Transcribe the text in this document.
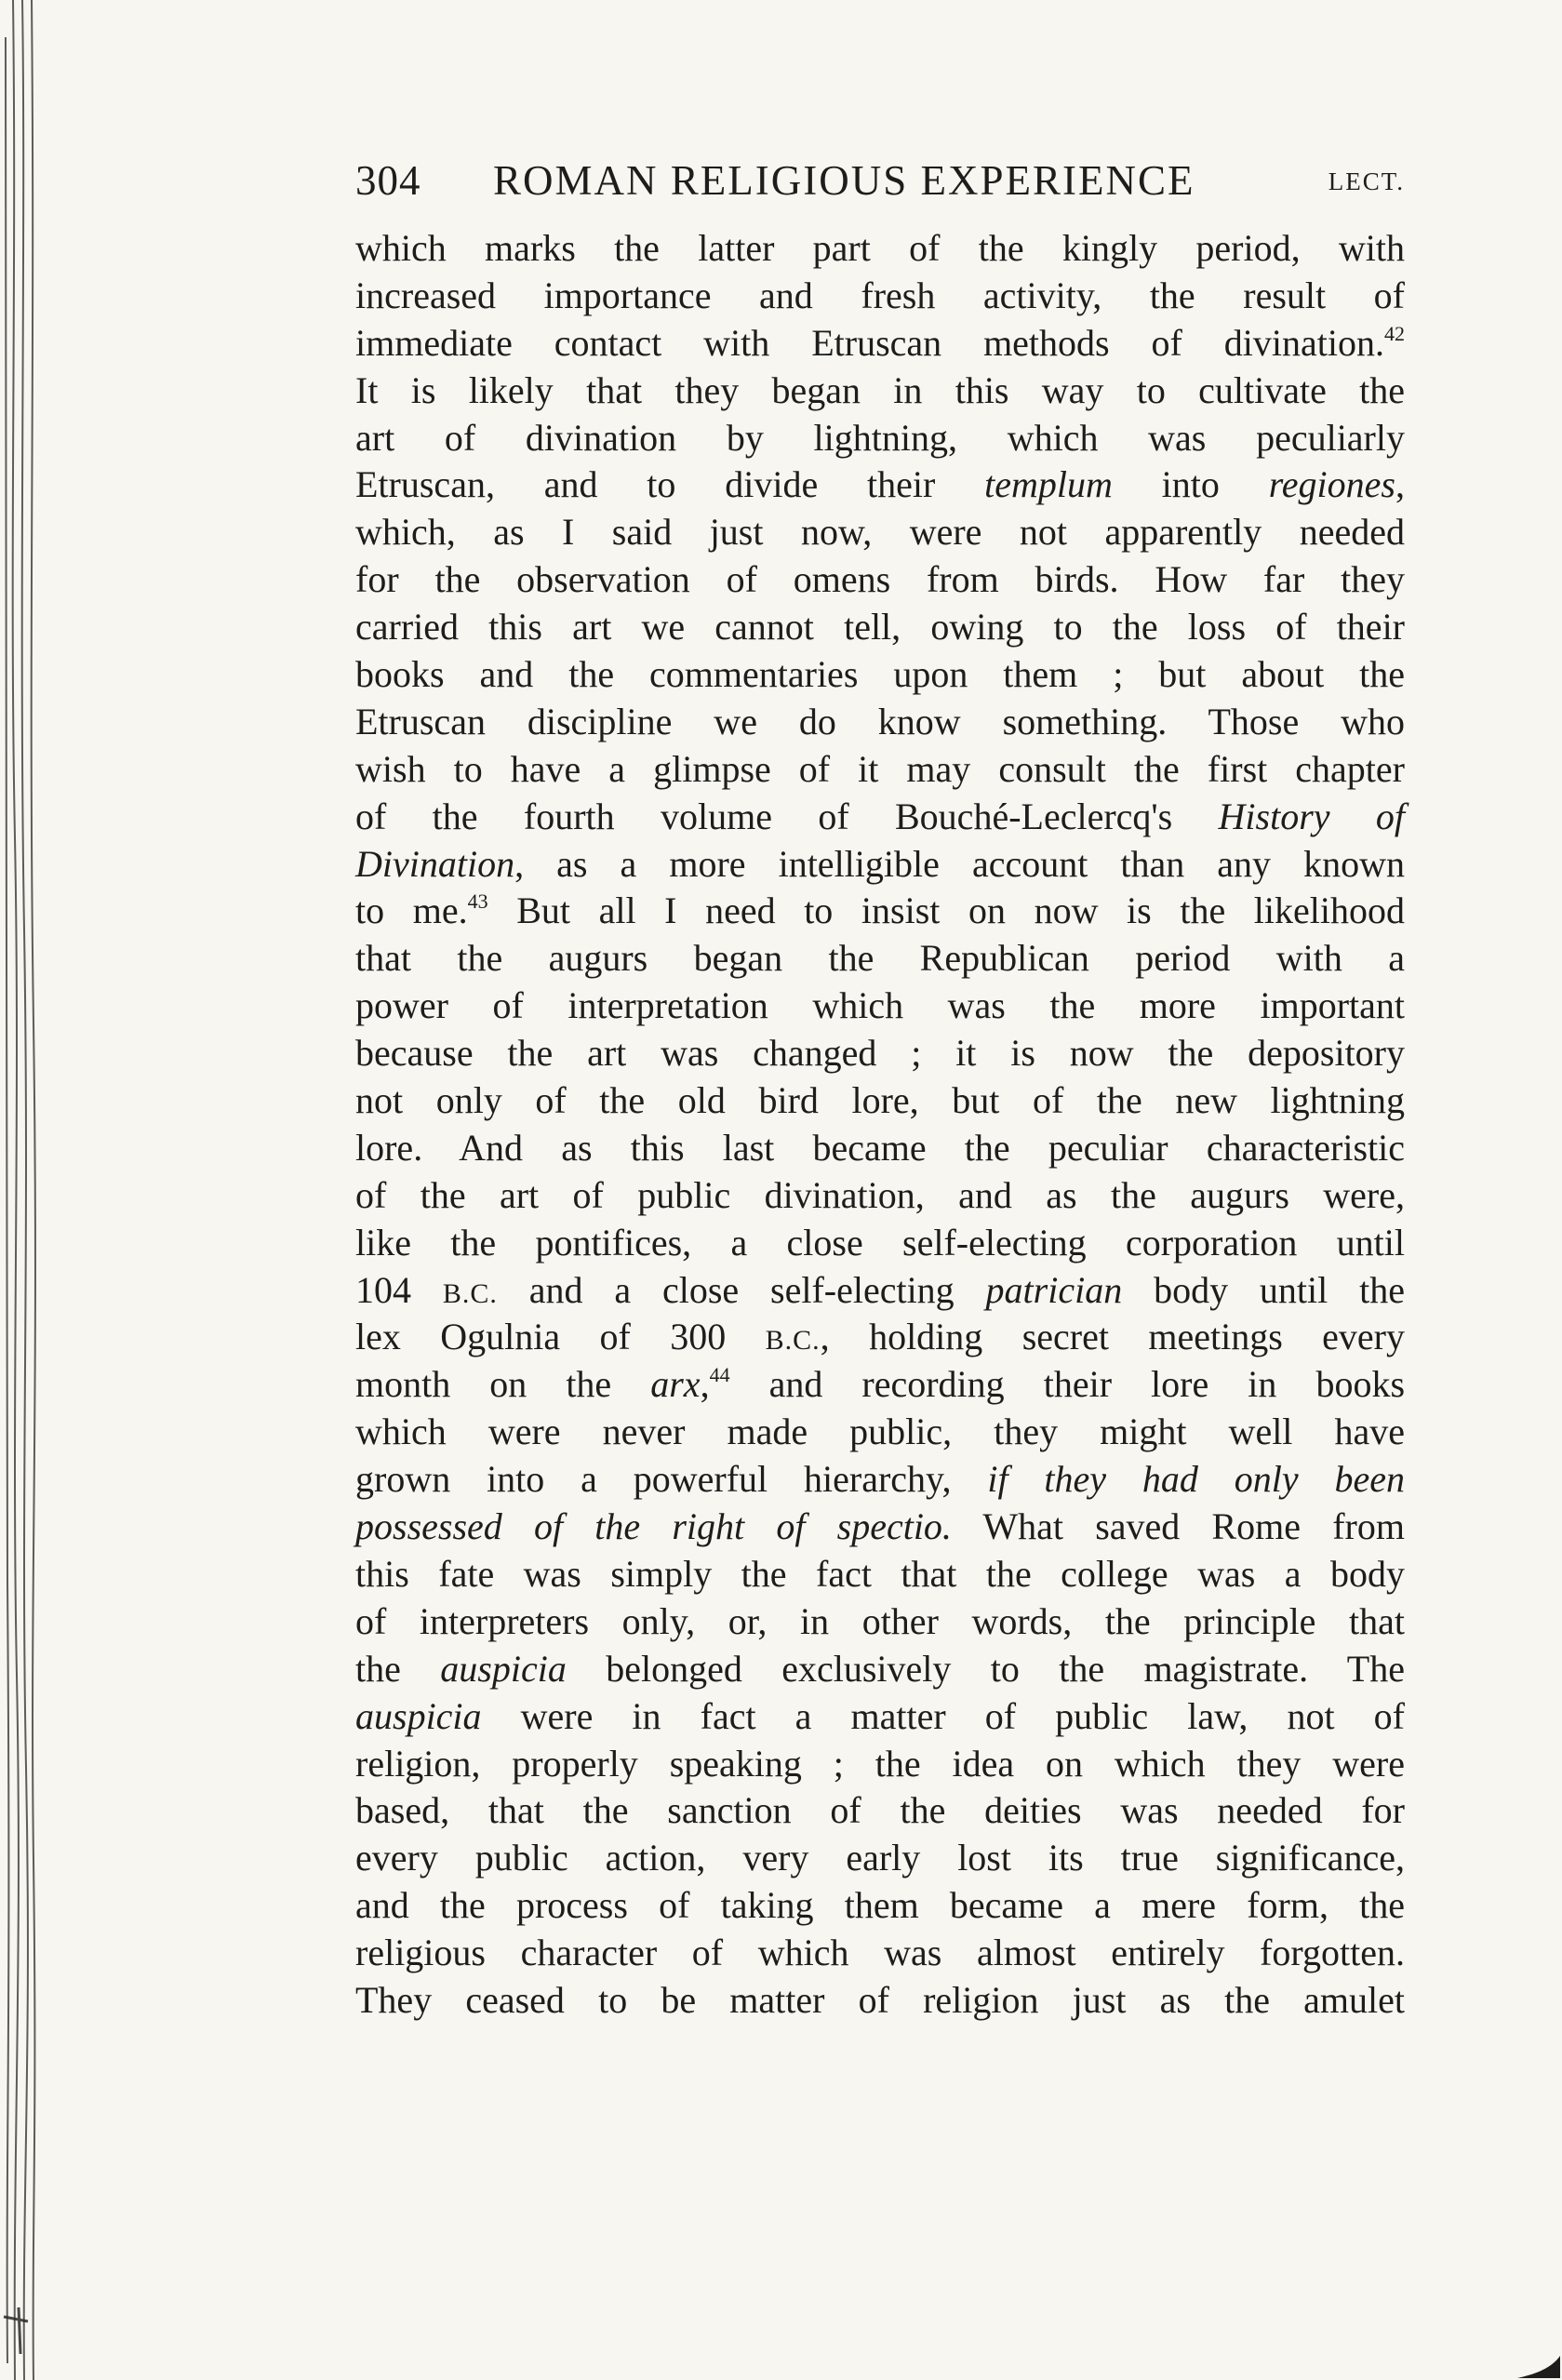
304 ROMAN RELIGIOUS EXPERIENCE	LECT.
which marks the latter part of the kingly period, with
increased importance and fresh activity, the result of
immediate contact with Etruscan methods of divination.$^{42}$
It is likely that they began in this way to cultivate the
art of divination by lightning, which was peculiarly
Etruscan, and to divide their templum into regiones,
which, as I said just now, were not apparently needed
for the observation of omens from birds. How far they
carried this art we cannot tell, owing to the loss of their
books and the commentaries upon them ; but about the
Etruscan discipline we do know something. Those who
wish to have a glimpse of it may consult the first chapter
of the fourth volume of Bouché-Leclercq's History of
Divination, as a more intelligible account than any known
to me.$^{43}$ But all I need to insist on now is the likelihood
that the augurs began the Republican period with a
power of interpretation which was the more important
because the art was changed ; it is now the depository
not only of the old bird lore, but of the new lightning
lore. And as this last became the peculiar characteristic
of the art of public divination, and as the augurs were,
like the pontifices, a close self-electing corporation until
104 B.C. and a close self-electing patrician body until the
lex Ogulnia of 300 B.C., holding secret meetings every
month on the arx,$^{44}$ and recording their lore in books
which were never made public, they might well have
grown into a powerful hierarchy, if they had only been
possessed of the right of spectio. What saved Rome from
this fate was simply the fact that the college was a body
of interpreters only, or, in other words, the principle that
the auspicia belonged exclusively to the magistrate. The
auspicia were in fact a matter of public law, not of
religion, properly speaking ; the idea on which they were
based, that the sanction of the deities was needed for
every public action, very early lost its true significance,
and the process of taking them became a mere form, the
religious character of which was almost entirely forgotten.
They ceased to be matter of religion just as the amulet
